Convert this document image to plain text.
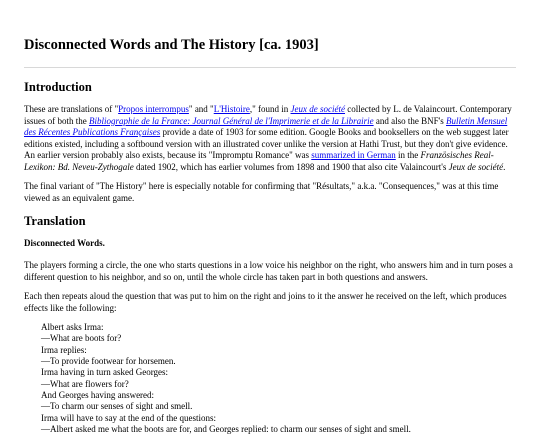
Disconnected Words and The History [ca. 1903]
Introduction

These are translations of "Propos interrompus" and "L'Histoire," found in Jeux de société collected by L. de Valaincourt. Contemporary issues of both the Bibliographie de la France: Journal Général de l'Imprimerie et de la Librairie and also the BNF's Bulletin Mensuel des Récentes Publications Françaises provide a date of 1903 for some edition. Google Books and booksellers on the web suggest later editions existed, including a softbound version with an illustrated cover unlike the version at Hathi Trust, but they don't give evidence. An earlier version probably also exists, because its "Impromptu Romance" was summarized in German in the Französisches Real-Lexikon: Bd. Neveu-Zythogale dated 1902, which has earlier volumes from 1898 and 1900 that also cite Valaincourt's Jeux de société.

The final variant of "The History" here is especially notable for confirming that "Résultats," a.k.a. "Consequences," was at this time viewed as an equivalent game.

Translation
Disconnected Words.

The players forming a circle, the one who starts questions in a low voice his neighbor on the right, who answers him and in turn poses a different question to his neighbor, and so on, until the whole circle has taken part in both questions and answers.

Each then repeats aloud the question that was put to him on the right and joins to it the answer he received on the left, which produces effects like the following:

Albert asks Irma:
—What are boots for?
Irma replies:
—To provide footwear for horsemen.
Irma having in turn asked Georges:
—What are flowers for?
And Georges having answered:
—To charm our senses of sight and smell.
Irma will have to say at the end of the questions:
—Albert asked me what the boots are for, and Georges replied: to charm our senses of sight and smell.
